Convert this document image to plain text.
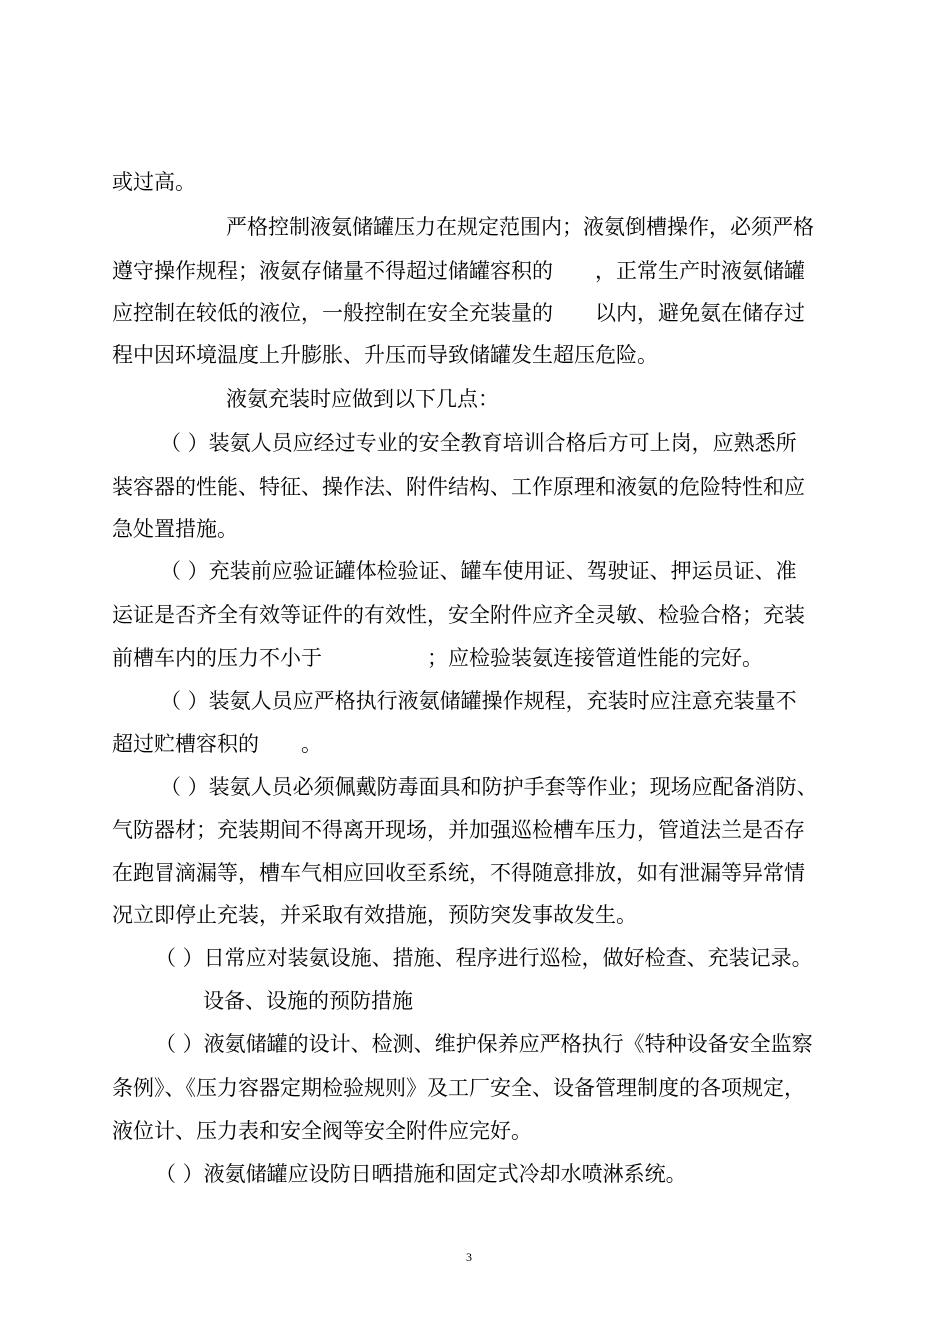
或过高。
严格控制液氨储罐压力在规定范围内；液氨倒槽操作，必须严格
遵守操作规程；液氨存储量不得超过储罐容积的　　，正常生产时液氨储罐
应控制在较低的液位，一般控制在安全充装量的　　以内，避免氨在储存过
程中因环境温度上升膨胀、升压而导致储罐发生超压危险。
液氨充装时应做到以下几点：
（ ）装氨人员应经过专业的安全教育培训合格后方可上岗，应熟悉所
装容器的性能、特征、操作法、附件结构、工作原理和液氨的危险特性和应
急处置措施。
（ ）充装前应验证罐体检验证、罐车使用证、驾驶证、押运员证、准
运证是否齐全有效等证件的有效性，安全附件应齐全灵敏、检验合格；充装
前槽车内的压力不小于　　　　　；应检验装氨连接管道性能的完好。
（ ）装氨人员应严格执行液氨储罐操作规程，充装时应注意充装量不
超过贮槽容积的　　。
（ ）装氨人员必须佩戴防毒面具和防护手套等作业；现场应配备消防、
气防器材；充装期间不得离开现场，并加强巡检槽车压力，管道法兰是否存
在跑冒滴漏等，槽车气相应回收至系统，不得随意排放，如有泄漏等异常情
况立即停止充装，并采取有效措施，预防突发事故发生。
（ ）日常应对装氨设施、措施、程序进行巡检，做好检查、充装记录。
设备、设施的预防措施
（ ）液氨储罐的设计、检测、维护保养应严格执行《特种设备安全监察
条例》、《压力容器定期检验规则》及工厂安全、设备管理制度的各项规定，
液位计、压力表和安全阀等安全附件应完好。
（ ）液氨储罐应设防日晒措施和固定式冷却水喷淋系统。
3
